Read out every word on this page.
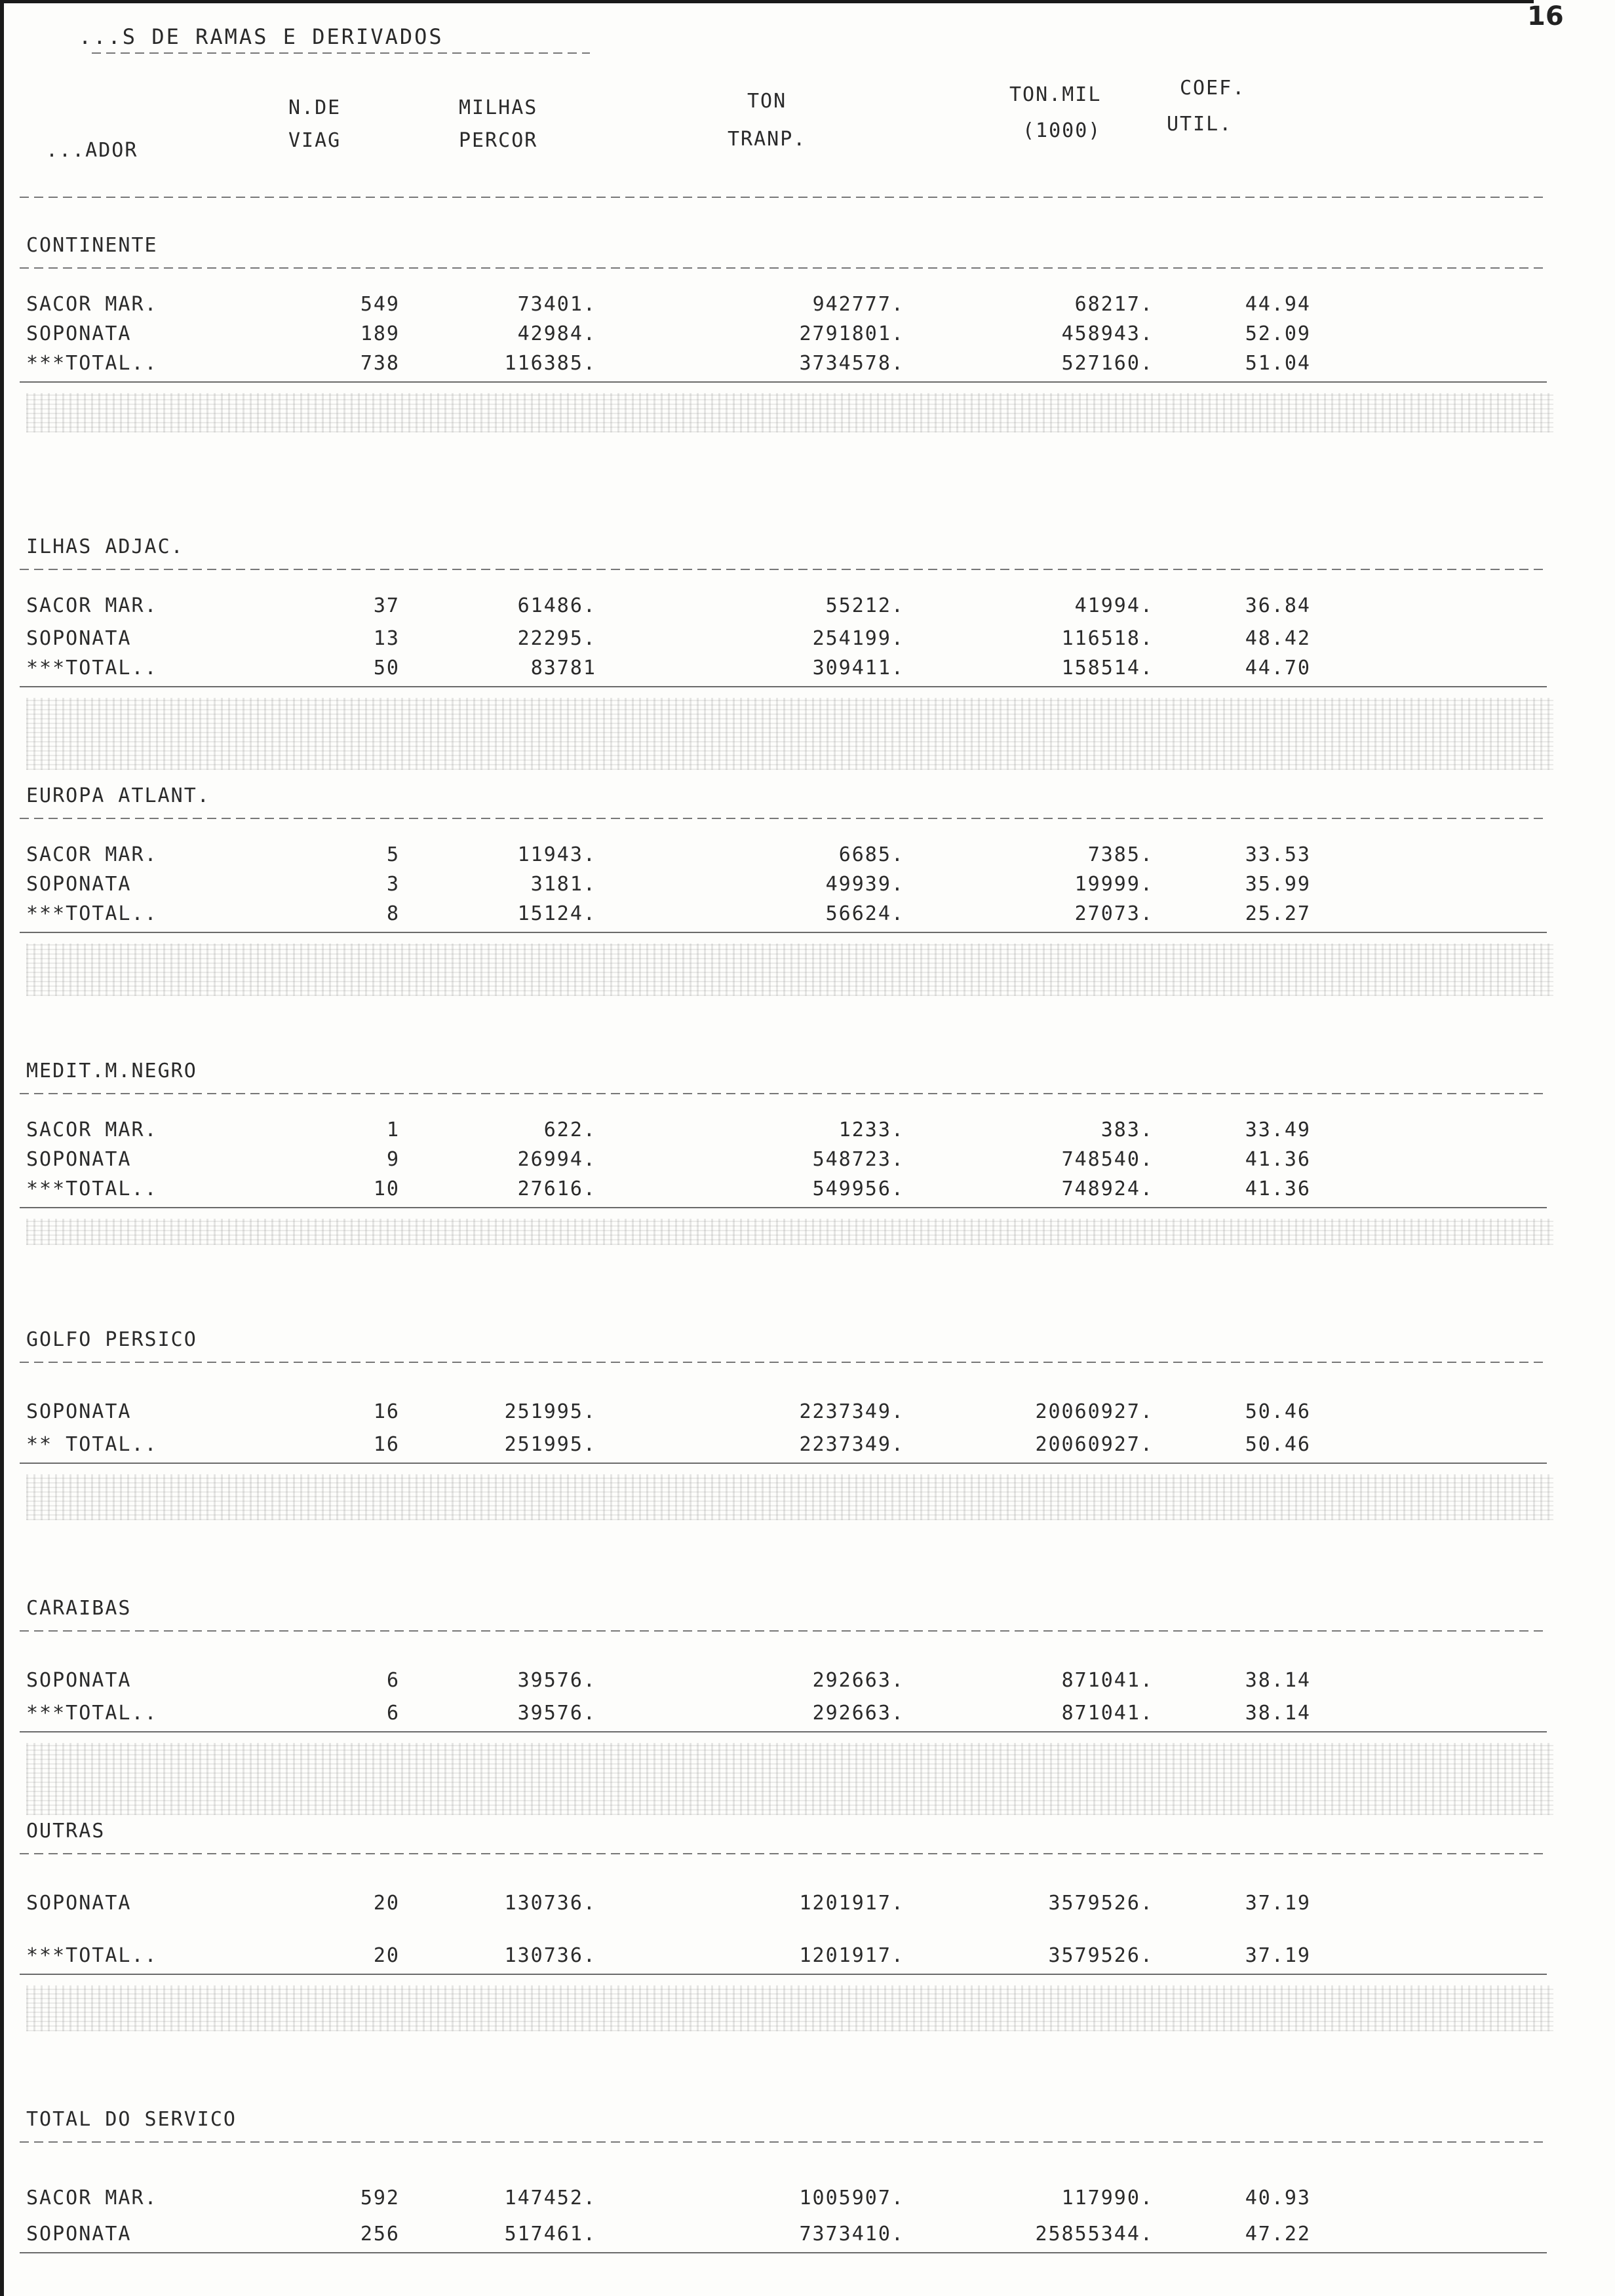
16
...S DE RAMAS E DERIVADOS
...ADOR
N.DE
VIAG
MILHAS
PERCOR
TON
TRANP.
TON.MIL
(1000)
COEF.
UTIL.
CONTINENTE
SACOR MAR.	549	73401.	942777.	68217.	44.94
SOPONATA	189	42984.	2791801.	458943.	52.09
***TOTAL..	738	116385.	3734578.	527160.	51.04
ILHAS ADJAC.
SACOR MAR.	37	61486.	55212.	41994.	36.84
SOPONATA	13	22295.	254199.	116518.	48.42
***TOTAL..	50	83781	309411.	158514.	44.70
EUROPA ATLANT.
SACOR MAR.	5	11943.	6685.	7385.	33.53
SOPONATA	3	3181.	49939.	19999.	35.99
***TOTAL..	8	15124.	56624.	27073.	25.27
MEDIT.M.NEGRO
SACOR MAR.	1	622.	1233.	383.	33.49
SOPONATA	9	26994.	548723.	748540.	41.36
***TOTAL..	10	27616.	549956.	748924.	41.36
GOLFO PERSICO
SOPONATA	16	251995.	2237349.	20060927.	50.46
** TOTAL..	16	251995.	2237349.	20060927.	50.46
CARAIBAS
SOPONATA	6	39576.	292663.	871041.	38.14
***TOTAL..	6	39576.	292663.	871041.	38.14
OUTRAS
SOPONATA	20	130736.	1201917.	3579526.	37.19
***TOTAL..	20	130736.	1201917.	3579526.	37.19
TOTAL DO SERVICO
SACOR MAR.	592	147452.	1005907.	117990.	40.93
SOPONATA	256	517461.	7373410.	25855344.	47.22
